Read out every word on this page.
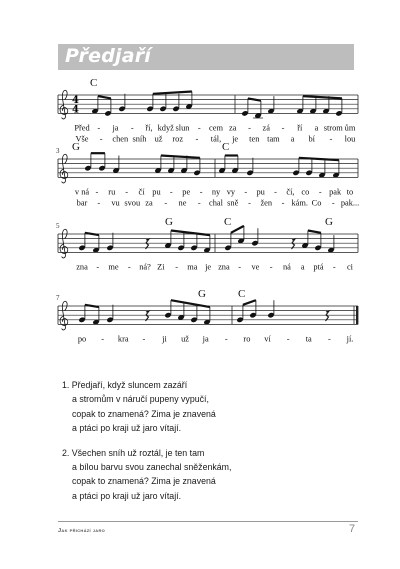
Předjaří
4
4
3
5
7
C
G	C
G	C	G
G	C
Před - ja - ří, když slun - cem za - zá - ří a strom ům
Vše - chen sníh už roz - tál, je ten tam a bí - lou
v ná - ru - čí pu - pe - ny vy - pu - čí, co - pak to
bar - vu svou za - ne - chal sně - žen - kám. Co - pak...
zna - me - ná? Zi - ma je zna - ve - ná a ptá - ci
po - kra - ji už ja - ro ví - ta - jí.
1. Předjaří, když sluncem zazáří
a stromům v náručí pupeny vypučí,
copak to znamená? Zima je znavená
a ptáci po kraji už jaro vítají.
2. Všechen sníh už roztál, je ten tam
a bílou barvu svou zanechal sněženkám,
copak to znamená? Zima je znavená
a ptáci po kraji už jaro vítají.
Jak přichází jaro	7
